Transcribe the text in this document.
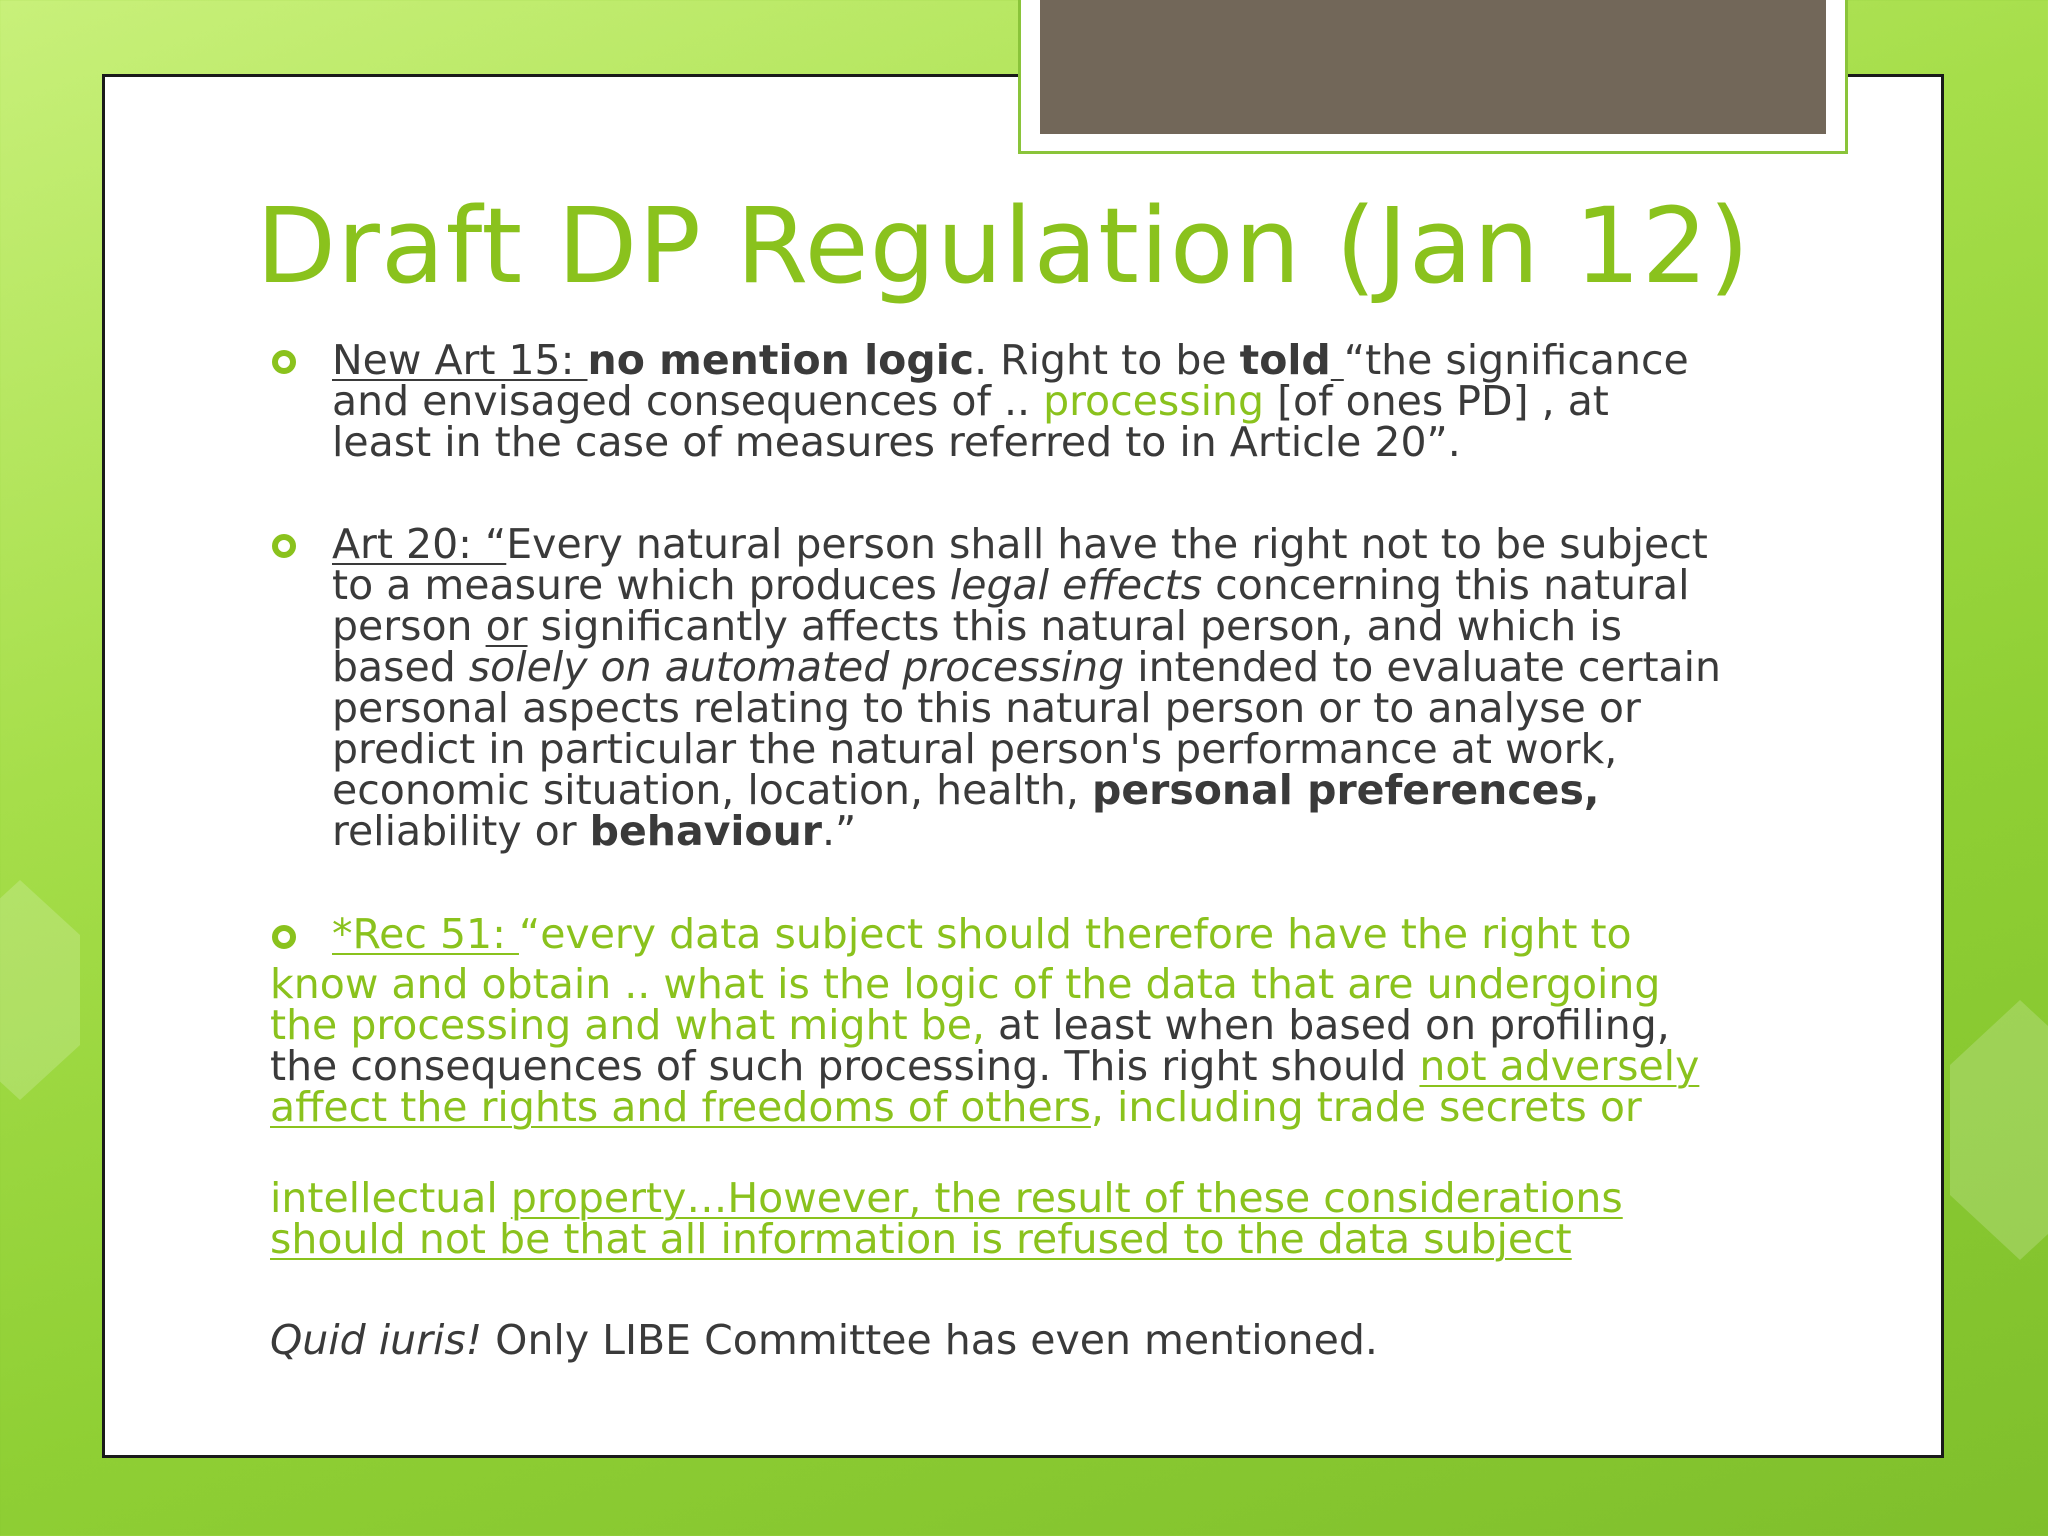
Draft DP Regulation (Jan 12)
New Art 15: no mention logic. Right to be told “the significance and envisaged consequences of .. processing [of ones PD] , at least in the case of measures referred to in Article 20”.
Art 20: “Every natural person shall have the right not to be subject to a measure which produces legal effects concerning this natural person or significantly affects this natural person, and which is based solely on automated processing intended to evaluate certain personal aspects relating to this natural person or to analyse or predict in particular the natural person's performance at work, economic situation, location, health, personal preferences, reliability or behaviour.”
*Rec 51: “every data subject should therefore have the right to
know and obtain .. what is the logic of the data that are undergoing the processing and what might be, at least when based on profiling, the consequences of such processing. This right should not adversely affect the rights and freedoms of others, including trade secrets or
intellectual property…However, the result of these considerations should not be that all information is refused to the data subject
Quid iuris! Only LIBE Committee has even mentioned.
